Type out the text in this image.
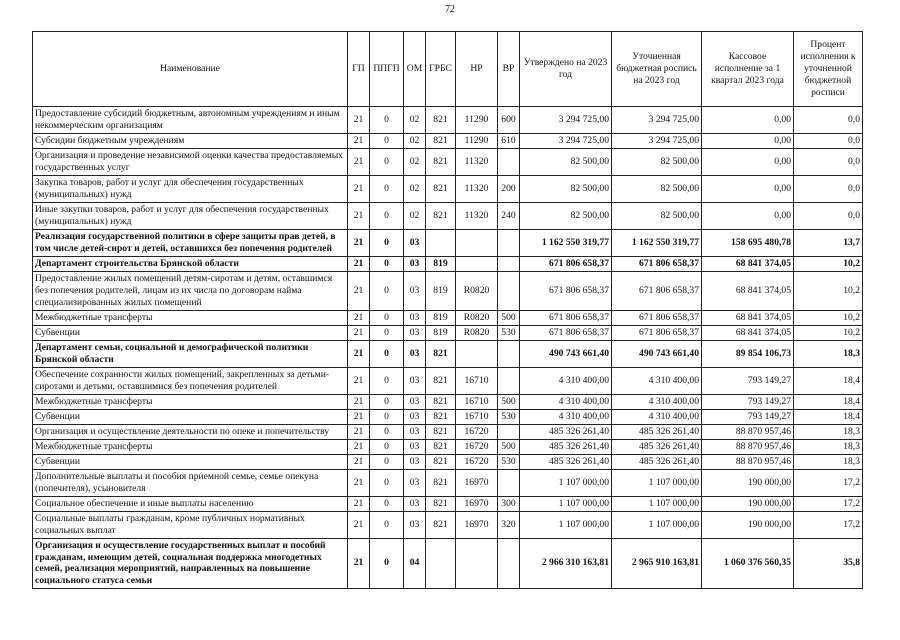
72
Наименование	ГП	ППГП	ОМ	ГРБС	НР	ВР	Утверждено на 2023 год	Уточненная бюджетная роспись на 2023 год	Кассовое исполнение за 1 квартал 2023 года	Процент исполнения к уточненной бюджетной росписи
Предоставление субсидий бюджетным, автономным учреждениям и иным некоммерческим организациям	21	0	02	821	11290	600	3 294 725,00	3 294 725,00	0,00	0,0
Субсидии бюджетным учреждениям	21	0	02	821	11290	610	3 294 725,00	3 294 725,00	0,00	0,0
Организация и проведение независимой оценки качества предоставляемых государственных услуг	21	0	02	821	11320		82 500,00	82 500,00	0,00	0,0
Закупка товаров, работ и услуг для обеспечения государственных (муниципальных) нужд	21	0	02	821	11320	200	82 500,00	82 500,00	0,00	0,0
Иные закупки товаров, работ и услуг для обеспечения государственных (муниципальных) нужд	21	0	02	821	11320	240	82 500,00	82 500,00	0,00	0,0
Реализация государственной политики в сфере защиты прав детей, в том числе детей-сирот и детей, оставшихся без попечения родителей	21	0	03				1 162 550 319,77	1 162 550 319,77	158 695 480,78	13,7
Департамент строительства Брянской области	21	0	03	819			671 806 658,37	671 806 658,37	68 841 374,05	10,2
Предоставление жилых помещений детям-сиротам и детям, оставшимся без попечения родителей, лицам из их числа по договорам найма специализированных жилых помещений	21	0	03	819	R0820		671 806 658,37	671 806 658,37	68 841 374,05	10,2
Межбюджетные трансферты	21	0	03	819	R0820	500	671 806 658,37	671 806 658,37	68 841 374,05	10,2
Субвенции	21	0	03	819	R0820	530	671 806 658,37	671 806 658,37	68 841 374,05	10,2
Департамент семьи, социальной и демографической политики Брянской области	21	0	03	821			490 743 661,40	490 743 661,40	89 854 106,73	18,3
Обеспечение сохранности жилых помещений, закрепленных за детьми-сиротами и детьми, оставшимися без попечения родителей	21	0	03	821	16710		4 310 400,00	4 310 400,00	793 149,27	18,4
Межбюджетные трансферты	21	0	03	821	16710	500	4 310 400,00	4 310 400,00	793 149,27	18,4
Субвенции	21	0	03	821	16710	530	4 310 400,00	4 310 400,00	793 149,27	18,4
Организация и осуществление деятельности по опеке и попечительству	21	0	03	821	16720		485 326 261,40	485 326 261,40	88 870 957,46	18,3
Межбюджетные трансферты	21	0	03	821	16720	500	485 326 261,40	485 326 261,40	88 870 957,46	18,3
Субвенции	21	0	03	821	16720	530	485 326 261,40	485 326 261,40	88 870 957,46	18,3
Дополнительные выплаты и пособия приемной семье, семье опекуна (попечителя), усыновителя	21	0	03	821	16970		1 107 000,00	1 107 000,00	190 000,00	17,2
Социальное обеспечение и иные выплаты населению	21	0	03	821	16970	300	1 107 000,00	1 107 000,00	190 000,00	17,2
Социальные выплаты гражданам, кроме публичных нормативных социальных выплат	21	0	03	821	16970	320	1 107 000,00	1 107 000,00	190 000,00	17,2
Организация и осуществление государственных выплат и пособий гражданам, имеющим детей, социальная поддержка многодетных семей, реализация мероприятий, направленных на повышение социального статуса семьи	21	0	04				2 966 310 163,81	2 965 910 163,81	1 060 376 560,35	35,8
